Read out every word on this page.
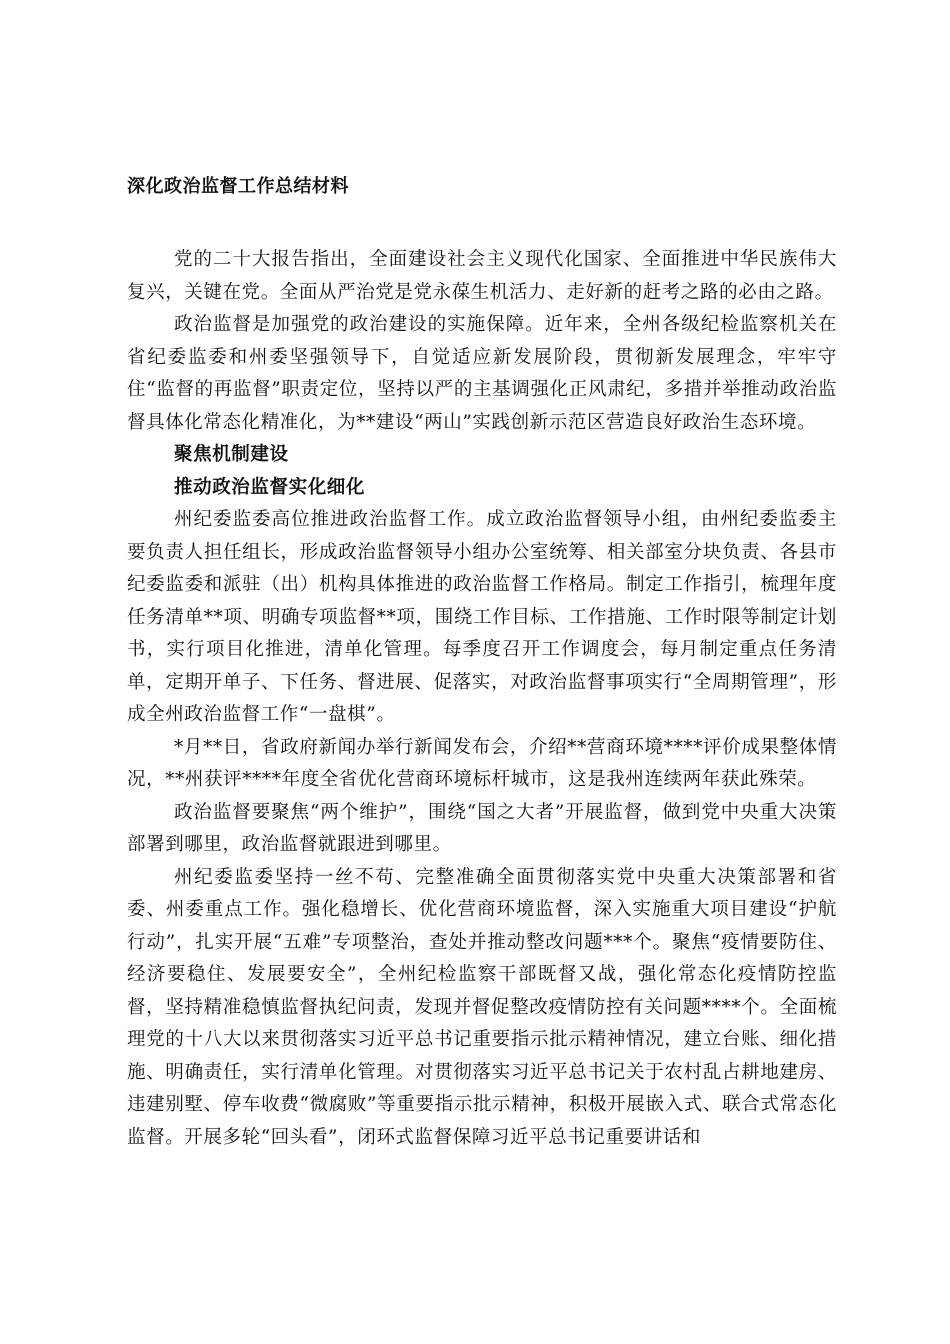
深化政治监督工作总结材料

党的二十大报告指出，全面建设社会主义现代化国家、全面推进中华民族伟大复兴，关键在党。全面从严治党是党永葆生机活力、走好新的赶考之路的必由之路。

政治监督是加强党的政治建设的实施保障。近年来，全州各级纪检监察机关在省纪委监委和州委坚强领导下，自觉适应新发展阶段，贯彻新发展理念，牢牢守住“监督的再监督”职责定位，坚持以严的主基调强化正风肃纪，多措并举推动政治监督具体化常态化精准化，为**建设“两山”实践创新示范区营造良好政治生态环境。

聚焦机制建设

推动政治监督实化细化

州纪委监委高位推进政治监督工作。成立政治监督领导小组，由州纪委监委主要负责人担任组长，形成政治监督领导小组办公室统筹、相关部室分块负责、各县市纪委监委和派驻（出）机构具体推进的政治监督工作格局。制定工作指引，梳理年度任务清单**项、明确专项监督**项，围绕工作目标、工作措施、工作时限等制定计划书，实行项目化推进，清单化管理。每季度召开工作调度会，每月制定重点任务清单，定期开单子、下任务、督进展、促落实，对政治监督事项实行“全周期管理”，形成全州政治监督工作“一盘棋”。

*月**日，省政府新闻办举行新闻发布会，介绍**营商环境****评价成果整体情况，**州获评****年度全省优化营商环境标杆城市，这是我州连续两年获此殊荣。

政治监督要聚焦“两个维护”，围绕“国之大者”开展监督，做到党中央重大决策部署到哪里，政治监督就跟进到哪里。

州纪委监委坚持一丝不苟、完整准确全面贯彻落实党中央重大决策部署和省委、州委重点工作。强化稳增长、优化营商环境监督，深入实施重大项目建设“护航行动”，扎实开展“五难”专项整治，查处并推动整改问题***个。聚焦“疫情要防住、经济要稳住、发展要安全”，全州纪检监察干部既督又战，强化常态化疫情防控监督，坚持精准稳慎监督执纪问责，发现并督促整改疫情防控有关问题****个。全面梳理党的十八大以来贯彻落实习近平总书记重要指示批示精神情况，建立台账、细化措施、明确责任，实行清单化管理。对贯彻落实习近平总书记关于农村乱占耕地建房、违建别墅、停车收费“微腐败”等重要指示批示精神，积极开展嵌入式、联合式常态化监督。开展多轮“回头看”，闭环式监督保障习近平总书记重要讲话和
